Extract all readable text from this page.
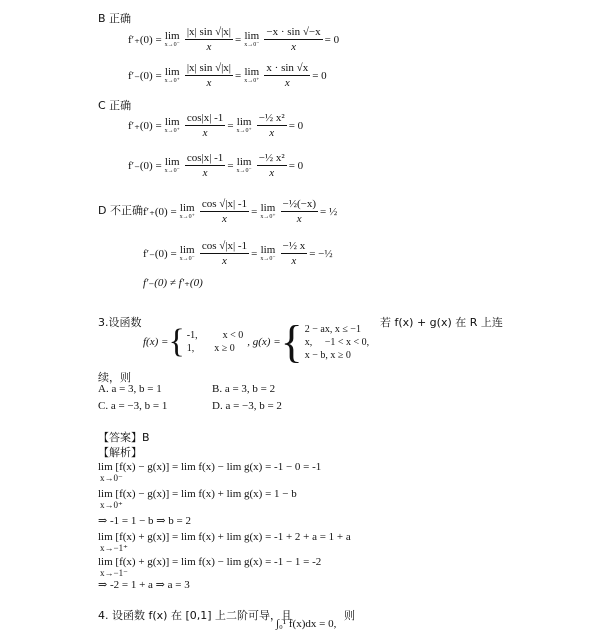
B 正确
f′₊(0) = lim
$x\to 0^- \frac{|x| \sin √|x|}{x} = \lim$
$x\to 0^- \frac{-x \cdot \sin √-x}{x} = 0$
f′₋(0) = lim
$x\to 0^+ \frac{|x| \sin √|x|}{x} = \lim$
$x\to 0^+ \frac{x \cdot \sin √x}{x} = 0$
C 正确
f′₊(0) = lim
$x\to 0^+ \frac{\cos|x| -1}{x} = \lim$
$x\to 0^+ \frac{\text{−½ x²}}{x} = 0$
f′₋(0) = lim
$x\to 0^- \frac{\cos|x| -1}{x} = \lim$
$x\to 0^- \frac{\text{−½ x²}}{x} = 0$
D 不正确 f′₊(0) = lim
$x\to 0^+ \frac{\cos √|x| -1}{x} = \lim$
$x\to 0^+ \frac{\text{−½(−x)}}{x}$ = ½
f′₋(0) = lim
$x\to 0^- \frac{\cos √|x| -1}{x} = \lim$
$x\to 0^- \frac{\text{−½ x}}{x}$ = −½
f′₋(0) ≠ f′₊(0)
3.设函数	若 f(x) + g(x) 在 R 上连
f(x) = { -1,          x < 0
1,        x ≥ 0
, g(x) = { 2 − ax, x ≤ −1
x,     −1 < x < 0,
x − b, x ≥ 0
续，则
A. a = 3, b = 1	B. a = 3, b = 2
C. a = −3, b = 1	D. a = −3, b = 2
【答案】B
【解析】
lim [f(x) − g(x)] = lim f(x) − lim g(x) = -1 − 0 = -1
x→0⁻
lim [f(x) − g(x)] = lim f(x) + lim g(x) = 1 − b
x→0⁺
⇒ -1 = 1 − b ⇒ b = 2
lim [f(x) + g(x)] = lim f(x) + lim g(x) = -1 + 2 + a = 1 + a
x→−1⁺
lim [f(x) + g(x)] = lim f(x) − lim g(x) = -1 − 1 = -2
x→−1⁻
⇒ -2 = 1 + a ⇒ a = 3
4. 设函数 f(x) 在 [0,1] 上二阶可导，且
∫₀¹ f(x)dx = 0,
则
